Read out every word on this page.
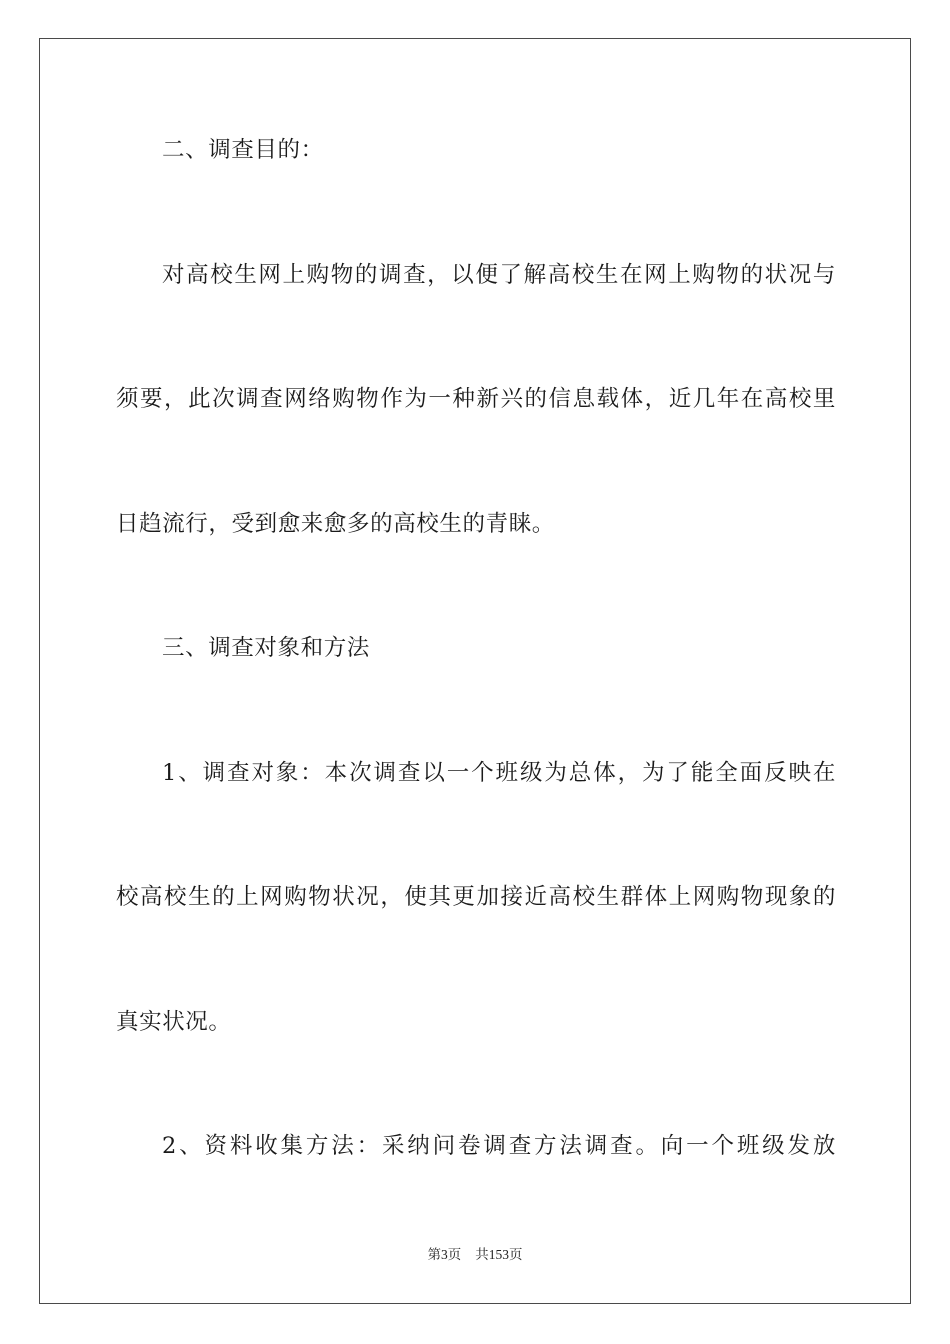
二、调查目的：
对高校生网上购物的调查，以便了解高校生在网上购物的状况与
须要，此次调查网络购物作为一种新兴的信息载体，近几年在高校里
日趋流行，受到愈来愈多的高校生的青睐。
三、调查对象和方法
1、调查对象：本次调查以一个班级为总体，为了能全面反映在
校高校生的上网购物状况，使其更加接近高校生群体上网购物现象的
真实状况。
2、资料收集方法：采纳问卷调查方法调查。向一个班级发放
第3页 共153页
